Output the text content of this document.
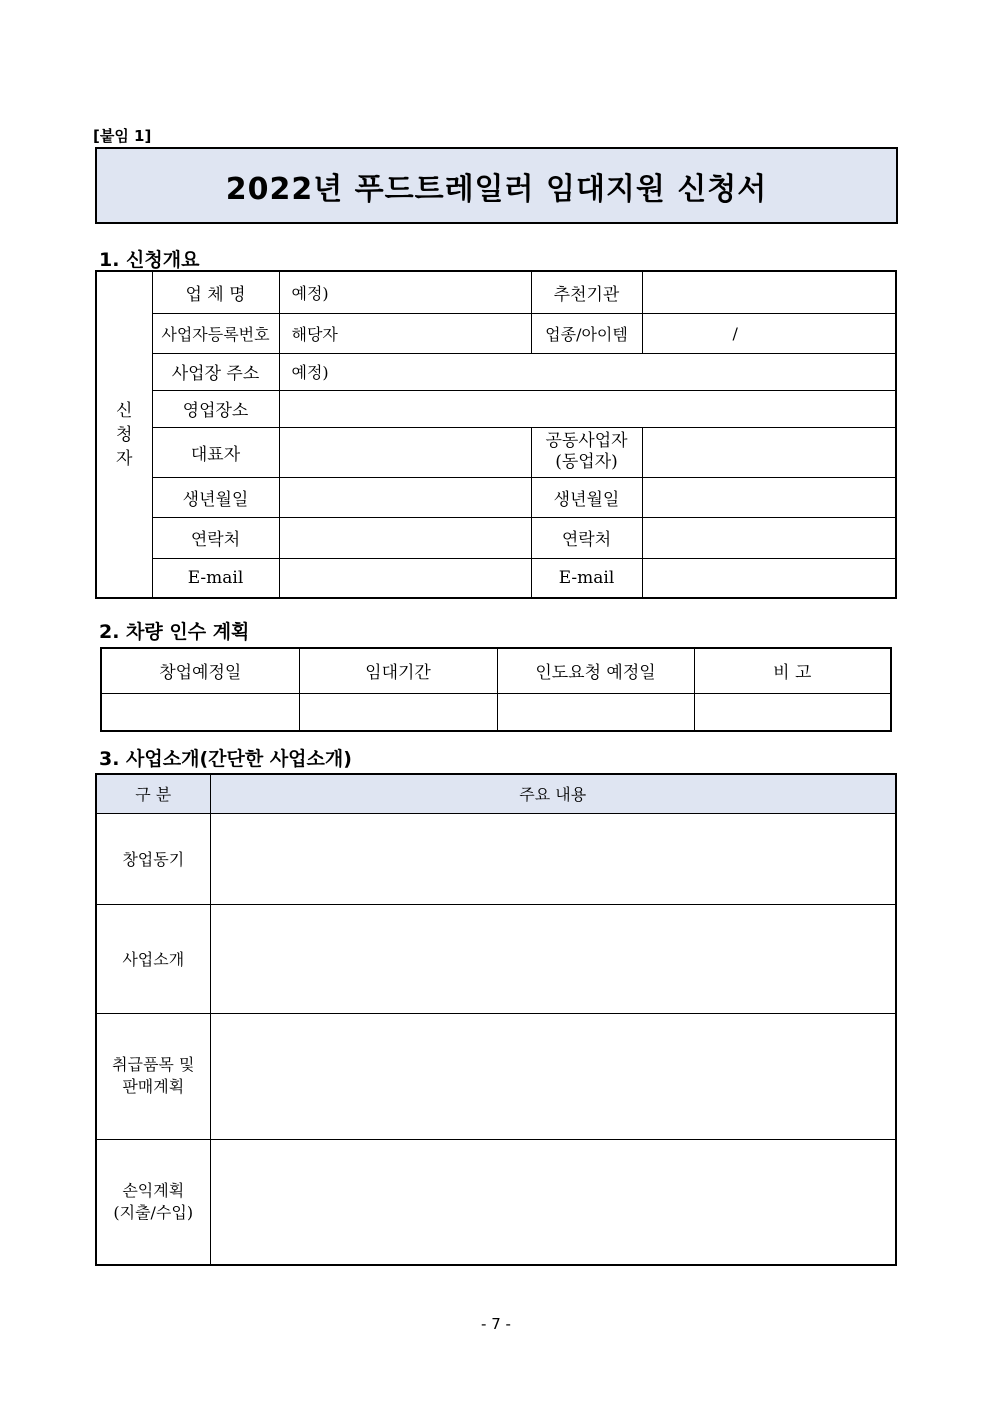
[붙임 1]
2022년 푸드트레일러 임대지원 신청서
1. 신청개요
신 청 자	업 체 명	예정)	추천기관	
	사업자등록번호	해당자	업종/아이템	/
	사업장 주소	예정)		
	영업장소			
	대표자		공동사업자
(동업자)	

	생년월일		생년월일	
	연락처		연락처	
	E-mail		E-mail	
2. 차량 인수 계획
창업예정일	임대기간	인도요청 예정일	비 고

3. 사업소개(간단한 사업소개)
구 분	주요 내용

창업동기	

사업소개	

취급품목 및
판매계획	

손익계획
(지출/수입)	

- 7 -
